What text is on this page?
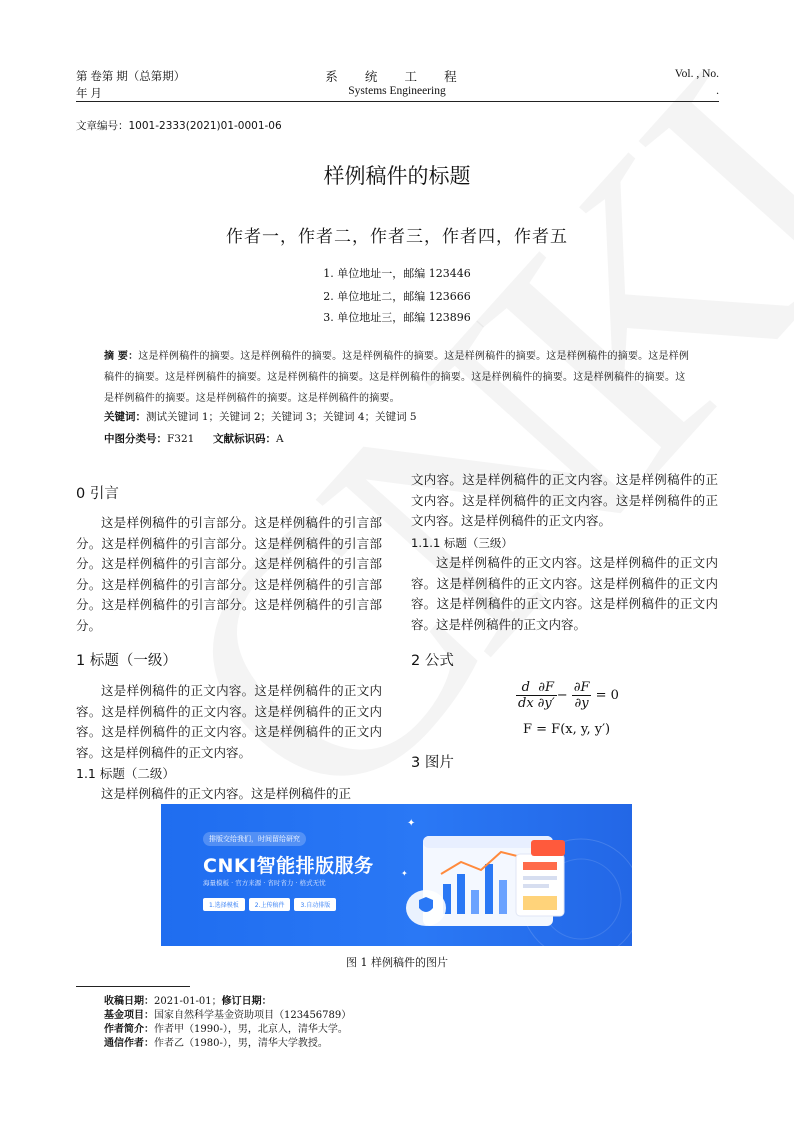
第 卷第 期（总第期）
年 月
系 统 工 程
Systems Engineering
Vol. , No.
.
文章编号：1001-2333(2021)01-0001-06
样例稿件的标题
作者一，作者二，作者三，作者四，作者五
1. 单位地址一，邮编 123446
2. 单位地址二，邮编 123666
3. 单位地址三，邮编 123896
摘 要：这是样例稿件的摘要。这是样例稿件的摘要。这是样例稿件的摘要。这是样例稿件的摘要。这是样例稿件的摘要。这是样例稿件的摘要。这是样例稿件的摘要。这是样例稿件的摘要。这是样例稿件的摘要。这是样例稿件的摘要。这是样例稿件的摘要。这是样例稿件的摘要。这是样例稿件的摘要。这是样例稿件的摘要。
关键词：测试关键词 1；关键词 2；关键词 3；关键词 4；关键词 5
中图分类号：F321 文献标识码：A
0 引言

这是样例稿件的引言部分。这是样例稿件的引言部分。这是样例稿件的引言部分。这是样例稿件的引言部分。这是样例稿件的引言部分。这是样例稿件的引言部分。这是样例稿件的引言部分。这是样例稿件的引言部分。这是样例稿件的引言部分。这是样例稿件的引言部分。

1 标题（一级）

这是样例稿件的正文内容。这是样例稿件的正文内容。这是样例稿件的正文内容。这是样例稿件的正文内容。这是样例稿件的正文内容。这是样例稿件的正文内容。这是样例稿件的正文内容。

1.1 标题（二级）

这是样例稿件的正文内容。这是样例稿件的正

文内容。这是样例稿件的正文内容。这是样例稿件的正文内容。这是样例稿件的正文内容。这是样例稿件的正文内容。这是样例稿件的正文内容。

1.1.1 标题（三级）

这是样例稿件的正文内容。这是样例稿件的正文内容。这是样例稿件的正文内容。这是样例稿件的正文内容。这是样例稿件的正文内容。这是样例稿件的正文内容。这是样例稿件的正文内容。

2 公式
$\frac{d}{dx} \frac{\partial F}{\partial y'} - \frac{\partial F}{\partial y} = 0$
F = F(x, y, y′)
3 图片
✦
✦
排版交给我们，时间留给研究
CNKI智能排版服务
海量模板 · 官方来源 · 省时省力 · 格式无忧
1.选择模板	2.上传稿件	3.自动排版
图 1 样例稿件的图片
收稿日期：2021-01-01；修订日期：
基金项目：国家自然科学基金资助项目（123456789）
作者简介：作者甲（1990-），男，北京人，清华大学。
通信作者：作者乙（1980-），男，清华大学教授。
